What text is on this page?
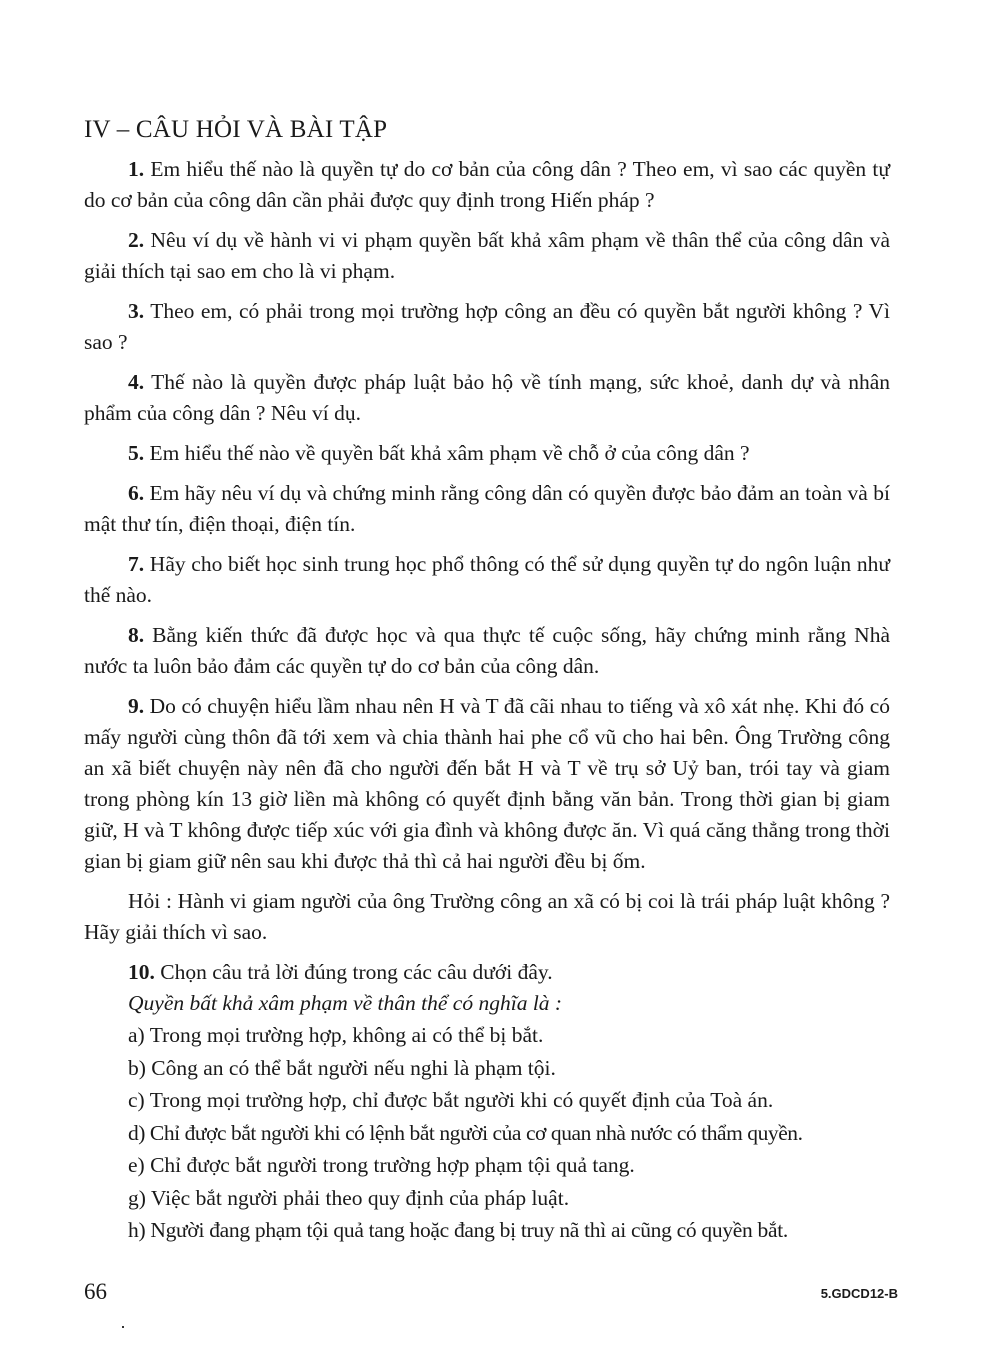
IV – CÂU HỎI VÀ BÀI TẬP

1. Em hiểu thế nào là quyền tự do cơ bản của công dân ? Theo em, vì sao các quyền tự do cơ bản của công dân cần phải được quy định trong Hiến pháp ?

2. Nêu ví dụ về hành vi vi phạm quyền bất khả xâm phạm về thân thể của công dân và giải thích tại sao em cho là vi phạm.

3. Theo em, có phải trong mọi trường hợp công an đều có quyền bắt người không ? Vì sao ?

4. Thế nào là quyền được pháp luật bảo hộ về tính mạng, sức khoẻ, danh dự và nhân phẩm của công dân ? Nêu ví dụ.

5. Em hiểu thế nào về quyền bất khả xâm phạm về chỗ ở của công dân ?

6. Em hãy nêu ví dụ và chứng minh rằng công dân có quyền được bảo đảm an toàn và bí mật thư tín, điện thoại, điện tín.

7. Hãy cho biết học sinh trung học phổ thông có thể sử dụng quyền tự do ngôn luận như thế nào.

8. Bằng kiến thức đã được học và qua thực tế cuộc sống, hãy chứng minh rằng Nhà nước ta luôn bảo đảm các quyền tự do cơ bản của công dân.

9. Do có chuyện hiểu lầm nhau nên H và T đã cãi nhau to tiếng và xô xát nhẹ. Khi đó có mấy người cùng thôn đã tới xem và chia thành hai phe cổ vũ cho hai bên. Ông Trường công an xã biết chuyện này nên đã cho người đến bắt H và T về trụ sở Uỷ ban, trói tay và giam trong phòng kín 13 giờ liền mà không có quyết định bằng văn bản. Trong thời gian bị giam giữ, H và T không được tiếp xúc với gia đình và không được ăn. Vì quá căng thẳng trong thời gian bị giam giữ nên sau khi được thả thì cả hai người đều bị ốm.

Hỏi : Hành vi giam người của ông Trường công an xã có bị coi là trái pháp luật không ? Hãy giải thích vì sao.

10. Chọn câu trả lời đúng trong các câu dưới đây.

Quyền bất khả xâm phạm về thân thể có nghĩa là :

a) Trong mọi trường hợp, không ai có thể bị bắt.

b) Công an có thể bắt người nếu nghi là phạm tội.

c) Trong mọi trường hợp, chỉ được bắt người khi có quyết định của Toà án.

d) Chỉ được bắt người khi có lệnh bắt người của cơ quan nhà nước có thẩm quyền.

e) Chỉ được bắt người trong trường hợp phạm tội quả tang.

g) Việc bắt người phải theo quy định của pháp luật.

h) Người đang phạm tội quả tang hoặc đang bị truy nã thì ai cũng có quyền bắt.

66	5.GDCD12-B
